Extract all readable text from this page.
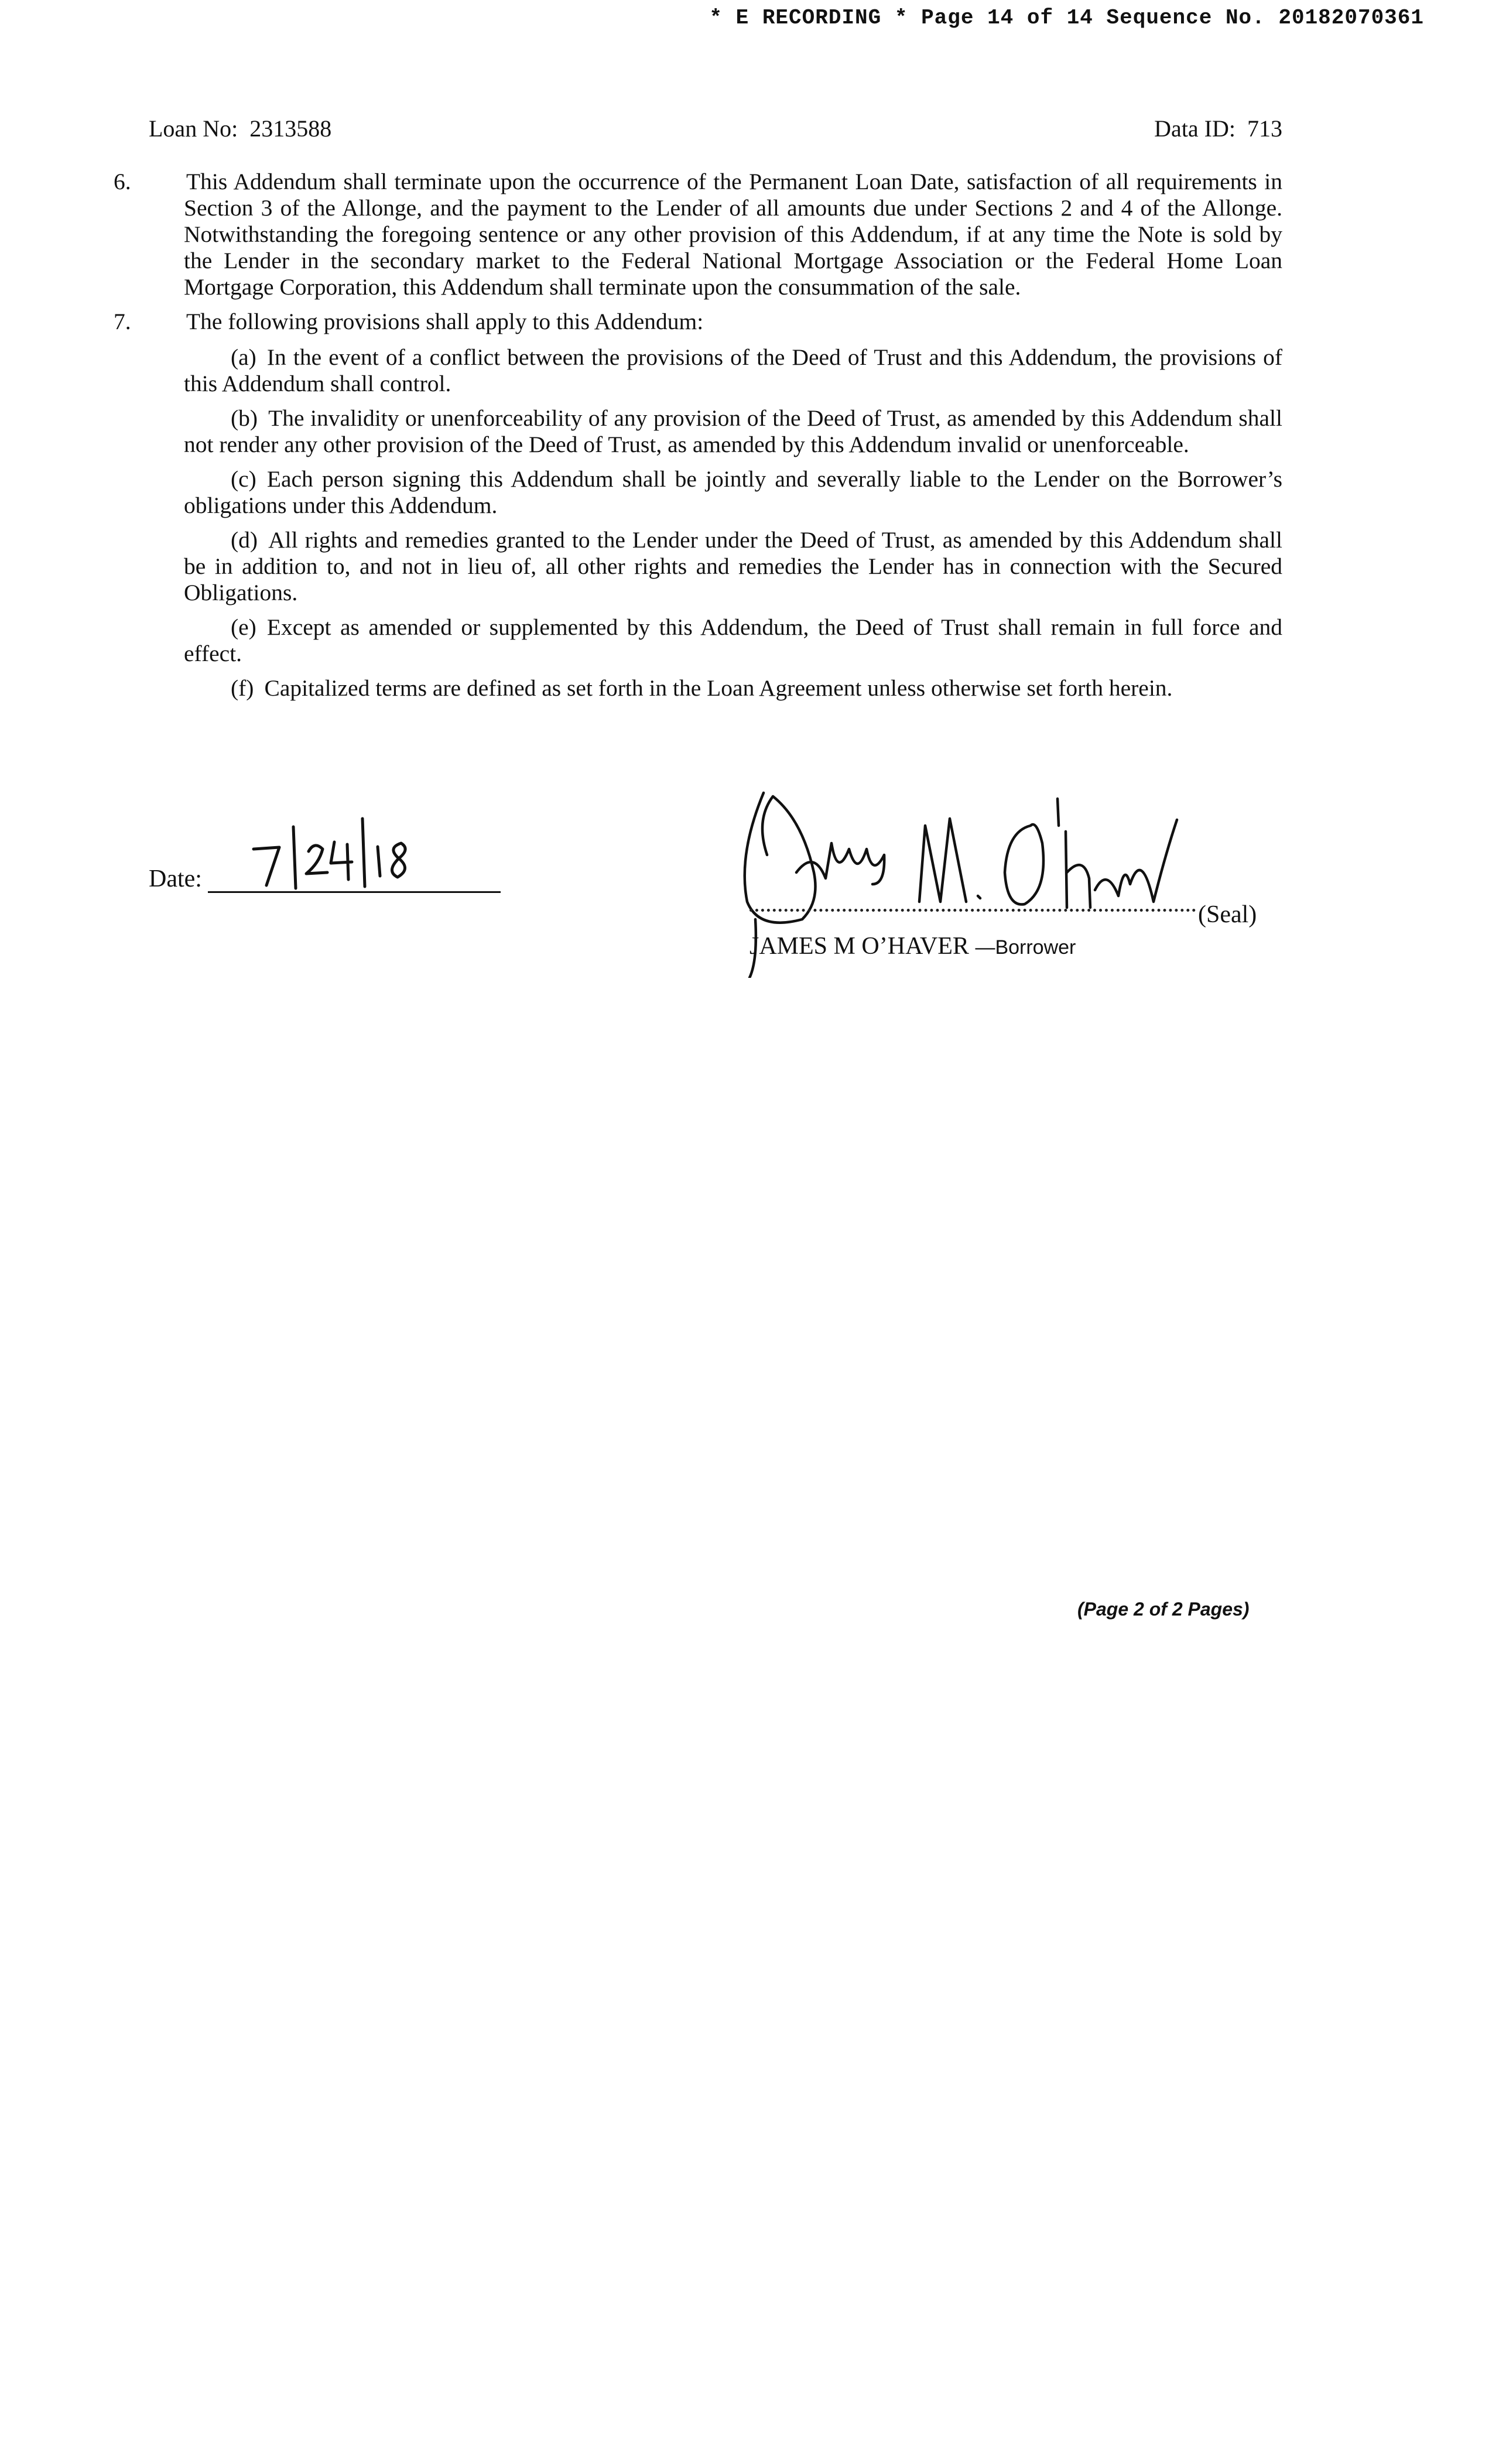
* E RECORDING * Page 14 of 14 Sequence No. 20182070361
Loan No: 2313588	Data ID: 713

6. This Addendum shall terminate upon the occurrence of the Permanent Loan Date, satisfaction of all requirements in Section 3 of the Allonge, and the payment to the Lender of all amounts due under Sections 2 and 4 of the Allonge. Notwithstanding the foregoing sentence or any other provision of this Addendum, if at any time the Note is sold by the Lender in the secondary market to the Federal National Mortgage Association or the Federal Home Loan Mortgage Corporation, this Addendum shall terminate upon the consummation of the sale.

7. The following provisions shall apply to this Addendum:

(a) In the event of a conflict between the provisions of the Deed of Trust and this Addendum, the provisions of this Addendum shall control.

(b) The invalidity or unenforceability of any provision of the Deed of Trust, as amended by this Addendum shall not render any other provision of the Deed of Trust, as amended by this Addendum invalid or unenforceable.

(c) Each person signing this Addendum shall be jointly and severally liable to the Lender on the Borrower’s obligations under this Addendum.

(d) All rights and remedies granted to the Lender under the Deed of Trust, as amended by this Addendum shall be in addition to, and not in lieu of, all other rights and remedies the Lender has in connection with the Secured Obligations.

(e) Except as amended or supplemented by this Addendum, the Deed of Trust shall remain in full force and effect.

(f) Capitalized terms are defined as set forth in the Loan Agreement unless otherwise set forth herein.

Date:
(Seal)
JAMES M O’HAVER —Borrower
(Page 2 of 2 Pages)
